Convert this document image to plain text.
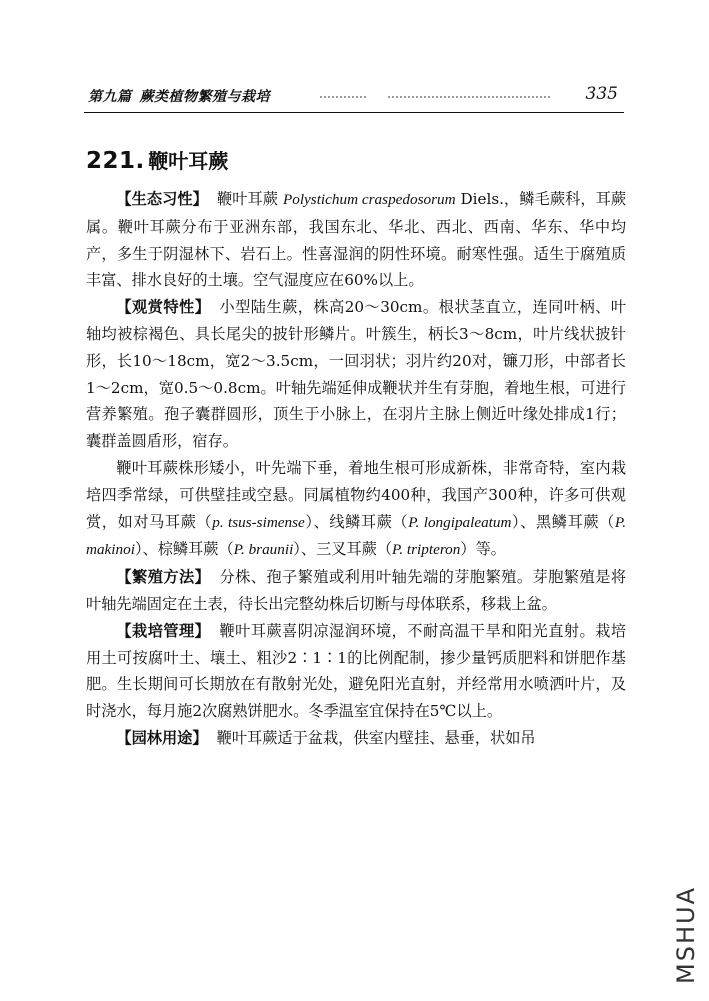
第九篇 蕨类植物繁殖与栽培	335
221. 鞭叶耳蕨

【生态习性】 鞭叶耳蕨 Polystichum craspedosorum Diels.，鳞毛蕨科，耳蕨属。鞭叶耳蕨分布于亚洲东部，我国东北、华北、西北、西南、华东、华中均产，多生于阴湿林下、岩石上。性喜湿润的阴性环境。耐寒性强。适生于腐殖质丰富、排水良好的土壤。空气湿度应在60%以上。

【观赏特性】 小型陆生蕨，株高20～30cm。根状茎直立，连同叶柄、叶轴均被棕褐色、具长尾尖的披针形鳞片。叶簇生，柄长3～8cm，叶片线状披针形，长10～18cm，宽2～3.5cm，一回羽状；羽片约20对，镰刀形，中部者长1～2cm，宽0.5～0.8cm。叶轴先端延伸成鞭状并生有芽胞，着地生根，可进行营养繁殖。孢子囊群圆形，顶生于小脉上，在羽片主脉上侧近叶缘处排成1行；囊群盖圆盾形，宿存。

鞭叶耳蕨株形矮小，叶先端下垂，着地生根可形成新株，非常奇特，室内栽培四季常绿，可供壁挂或空悬。同属植物约400种，我国产300种，许多可供观赏，如对马耳蕨（p. tsus-simense）、线鳞耳蕨（P. longipaleatum）、黑鳞耳蕨（P. makinoi）、棕鳞耳蕨（P. braunii）、三叉耳蕨（P. tripteron）等。

【繁殖方法】 分株、孢子繁殖或利用叶轴先端的芽胞繁殖。芽胞繁殖是将叶轴先端固定在土表，待长出完整幼株后切断与母体联系，移栽上盆。

【栽培管理】 鞭叶耳蕨喜阴凉湿润环境，不耐高温干旱和阳光直射。栽培用土可按腐叶土、壤土、粗沙2∶1∶1的比例配制，掺少量钙质肥料和饼肥作基肥。生长期间可长期放在有散射光处，避免阳光直射，并经常用水喷洒叶片，及时浇水，每月施2次腐熟饼肥水。冬季温室宜保持在5℃以上。

【园林用途】 鞭叶耳蕨适于盆栽，供室内壁挂、悬垂，状如吊

MSHUA
